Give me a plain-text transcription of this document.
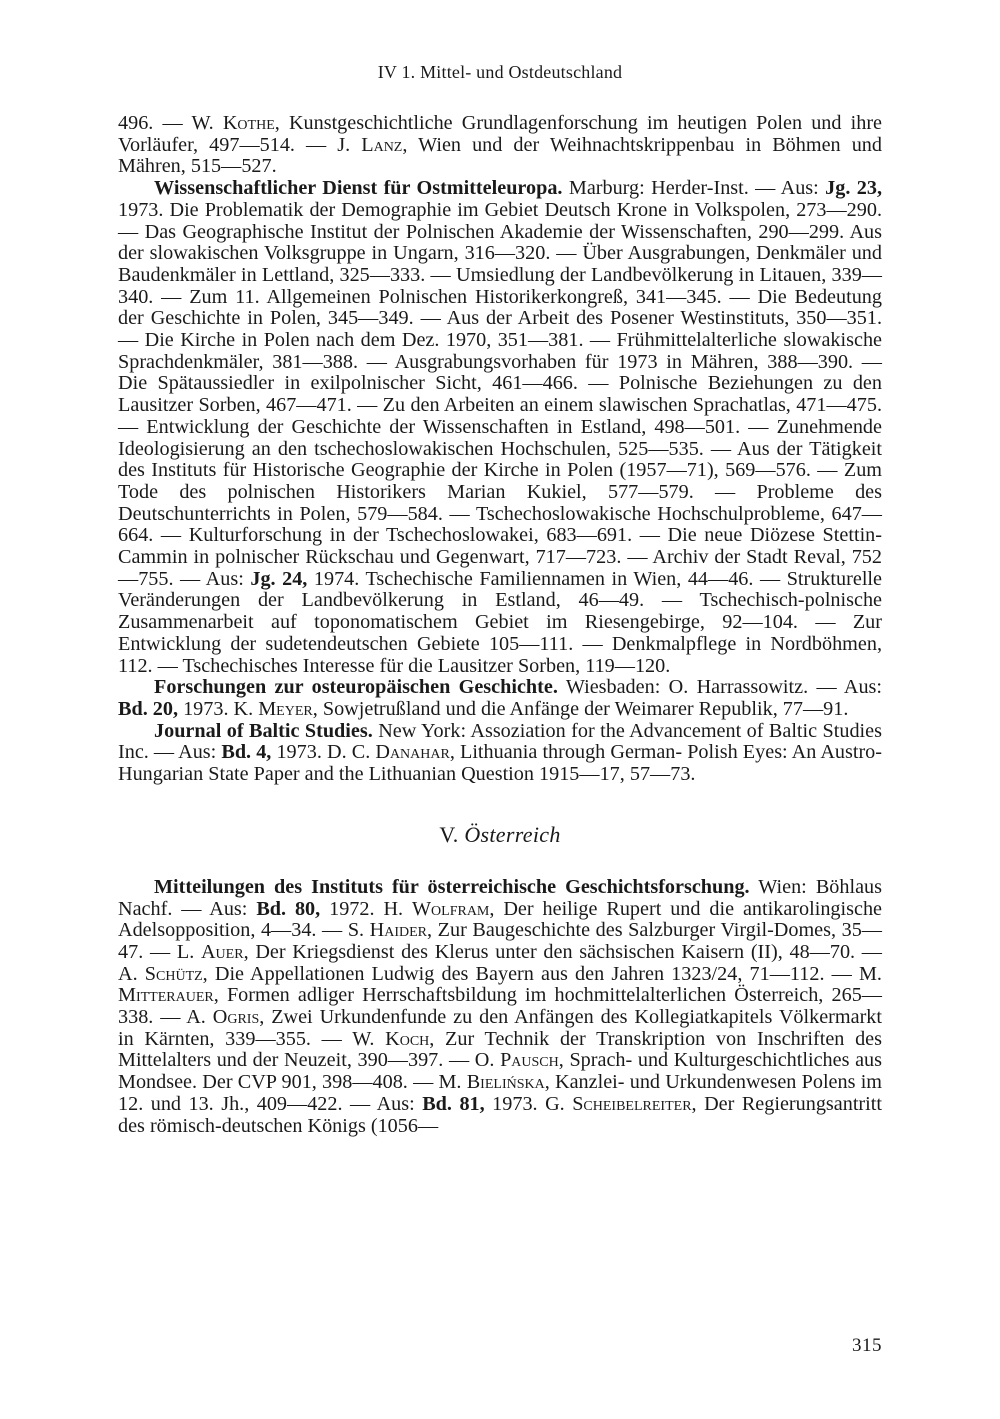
IV 1. Mittel- und Ostdeutschland

496. — W. Kothe, Kunstgeschichtliche Grundlagenforschung im heutigen Polen und ihre Vorläufer, 497—514. — J. Lanz, Wien und der Weihnachtskrippenbau in Böhmen und Mähren, 515—527.

Wissenschaftlicher Dienst für Ostmitteleuropa. Marburg: Herder-Inst. — Aus: Jg. 23, 1973. Die Problematik der Demographie im Gebiet Deutsch Krone in Volkspolen, 273—290. — Das Geographische Institut der Polnischen Akademie der Wissenschaften, 290—299. Aus der slowakischen Volksgruppe in Ungarn, 316—320. — Über Ausgrabungen, Denkmäler und Baudenkmäler in Lettland, 325—333. — Umsiedlung der Landbevölkerung in Litauen, 339—340. — Zum 11. Allgemeinen Polnischen Historikerkongreß, 341—345. — Die Bedeutung der Geschichte in Polen, 345—349. — Aus der Arbeit des Posener Westinstituts, 350—351. — Die Kirche in Polen nach dem Dez. 1970, 351—381. — Frühmittelalterliche slowakische Sprachdenkmäler, 381—388. — Ausgrabungsvorhaben für 1973 in Mähren, 388—390. — Die Spätaussiedler in exilpolnischer Sicht, 461—466. — Polnische Beziehungen zu den Lausitzer Sorben, 467—471. — Zu den Arbeiten an einem slawischen Sprachatlas, 471—475. — Entwicklung der Geschichte der Wissenschaften in Estland, 498—501. — Zunehmende Ideologisierung an den tschechoslowakischen Hochschulen, 525—535. — Aus der Tätigkeit des Instituts für Historische Geographie der Kirche in Polen (1957—71), 569—576. — Zum Tode des polnischen Historikers Marian Kukiel, 577—579. — Probleme des Deutschunterrichts in Polen, 579—584. — Tschechoslowakische Hochschulprobleme, 647—664. — Kulturforschung in der Tschechoslowakei, 683—691. — Die neue Diözese Stettin-Cammin in polnischer Rückschau und Gegenwart, 717—723. — Archiv der Stadt Reval, 752—755. — Aus: Jg. 24, 1974. Tschechische Familiennamen in Wien, 44—46. — Strukturelle Veränderungen der Landbevölkerung in Estland, 46—49. — Tschechisch-polnische Zusammenarbeit auf toponomatischem Gebiet im Riesengebirge, 92—104. — Zur Entwicklung der sudetendeutschen Gebiete 105—111. — Denkmalpflege in Nordböhmen, 112. — Tschechisches Interesse für die Lausitzer Sorben, 119—120.

Forschungen zur osteuropäischen Geschichte. Wiesbaden: O. Harrassowitz. — Aus: Bd. 20, 1973. K. Meyer, Sowjetrußland und die Anfänge der Weimarer Republik, 77—91.

Journal of Baltic Studies. New York: Assoziation for the Advancement of Baltic Studies Inc. — Aus: Bd. 4, 1973. D. C. Danahar, Lithuania through German- Polish Eyes: An Austro-Hungarian State Paper and the Lithuanian Question 1915—17, 57—73.

V. Österreich

Mitteilungen des Instituts für österreichische Geschichtsforschung. Wien: Böhlaus Nachf. — Aus: Bd. 80, 1972. H. Wolfram, Der heilige Rupert und die antikarolingische Adelsopposition, 4—34. — S. Haider, Zur Baugeschichte des Salzburger Virgil-Domes, 35—47. — L. Auer, Der Kriegsdienst des Klerus unter den sächsischen Kaisern (II), 48—70. — A. Schütz, Die Appellationen Ludwig des Bayern aus den Jahren 1323/24, 71—112. — M. Mitterauer, Formen adliger Herrschaftsbildung im hochmittelalterlichen Österreich, 265—338. — A. Ogris, Zwei Urkundenfunde zu den Anfängen des Kollegiatkapitels Völkermarkt in Kärnten, 339—355. — W. Koch, Zur Technik der Transkription von Inschriften des Mittelalters und der Neuzeit, 390—397. — O. Pausch, Sprach- und Kulturgeschichtliches aus Mondsee. Der CVP 901, 398—408. — M. Bielińska, Kanzlei- und Urkundenwesen Polens im 12. und 13. Jh., 409—422. — Aus: Bd. 81, 1973. G. Scheibelreiter, Der Regierungsantritt des römisch-deutschen Königs (1056—

315
